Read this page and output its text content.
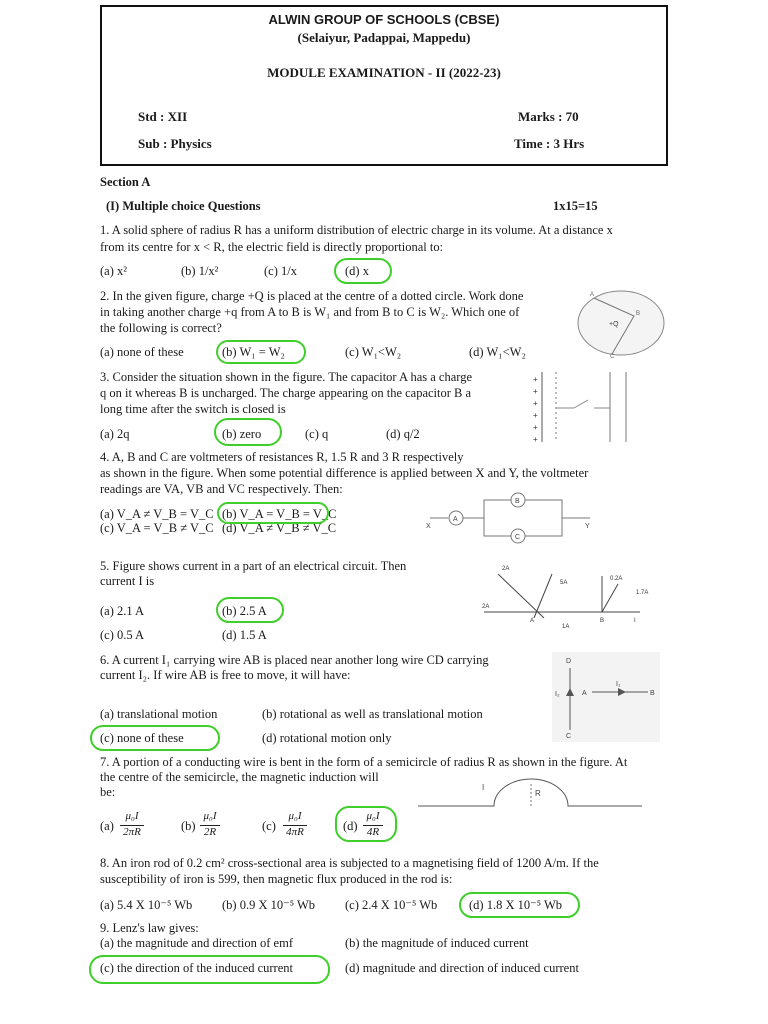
ALWIN GROUP OF SCHOOLS (CBSE)
(Selaiyur, Padappai, Mappedu)
MODULE EXAMINATION - II (2022-23)
Std : XII
Sub : Physics
Marks : 70
Time : 3 Hrs
Section A
(I) Multiple choice Questions	1x15=15
1. A solid sphere of radius R has a uniform distribution of electric charge in its volume. At a distance x
from its centre for x < R, the electric field is directly proportional to:
(a) x²	(b) 1/x²	(c) 1/x	(d) x
2. In the given figure, charge +Q is placed at the centre of a dotted circle. Work done
in taking another charge +q from A to B is W₁ and from B to C is W₂. Which one of
the following is correct?
(a) none of these	(b) W₁ = W₂	(c) W₁<W₂	(d) W₁<W₂
+Q
A
B
C
3. Consider the situation shown in the figure. The capacitor A has a charge
q on it whereas B is uncharged. The charge appearing on the capacitor B a
long time after the switch is closed is
(a) 2q	(b) zero	(c) q	(d) q/2
+
+
+
+
+
+
4. A, B and C are voltmeters of resistances R, 1.5 R and 3 R respectively
as shown in the figure. When some potential difference is applied between X and Y, the voltmeter
readings are VA, VB and VC respectively. Then:
(a) V_A ≠ V_B = V_C (b) V_A = V_B = V_C
(c) V_A = V_B ≠ V_C (d) V_A ≠ V_B ≠ V_C
A
B
C
X	Y
5. Figure shows current in a part of an electrical circuit. Then
current I is
(a) 2.1 A	(b) 2.5 A
(c) 0.5 A	(d) 1.5 A
2A
5A
0.2A
1.7A
2A
A
1A
B	I
6. A current I₁ carrying wire AB is placed near another long wire CD carrying
current I₂. If wire AB is free to move, it will have:
(a) translational motion	(b) rotational as well as translational motion
(c) none of these	(d) rotational motion only
D
C
I₂	A
I₁
B
7. A portion of a conducting wire is bent in the form of a semicircle of radius R as shown in the figure. At
the centre of the semicircle, the magnetic induction will
be:	I
R
(a)
μ₀I
2πR	(b)
μ₀I
2R	(c)
μ₀I
4πR	(d)
μ₀I
4R
8. An iron rod of 0.2 cm² cross-sectional area is subjected to a magnetising field of 1200 A/m. If the
susceptibility of iron is 599, then magnetic flux produced in the rod is:
(a) 5.4 X 10⁻⁵ Wb (b) 0.9 X 10⁻⁵ Wb (c) 2.4 X 10⁻⁵ Wb	(d) 1.8 X 10⁻⁵ Wb
9. Lenz's law gives:
(a) the magnitude and direction of emf	(b) the magnitude of induced current
(c) the direction of the induced current	(d) magnitude and direction of induced current
